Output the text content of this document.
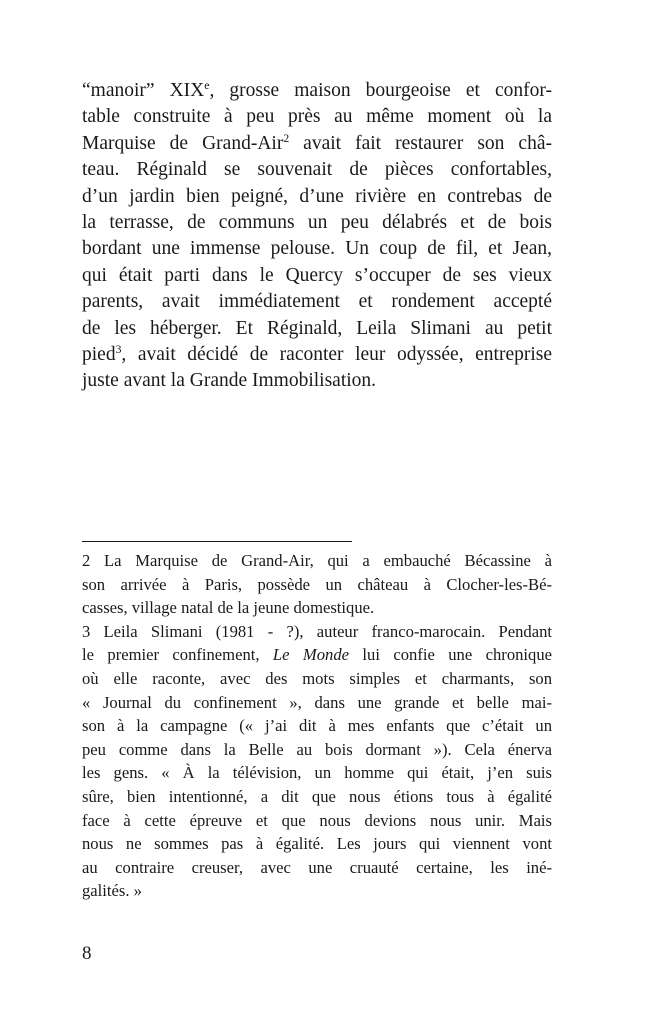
“manoir” XIXe, grosse maison bourgeoise et confor-
table construite à peu près au même moment où la
Marquise de Grand-Air$^2$ avait fait restaurer son châ-
teau. Réginald se souvenait de pièces confortables,
d’un jardin bien peigné, d’une rivière en contrebas de
la terrasse, de communs un peu délabrés et de bois
bordant une immense pelouse. Un coup de fil, et Jean,
qui était parti dans le Quercy s’occuper de ses vieux
parents, avait immédiatement et rondement accepté
de les héberger. Et Réginald, Leila Slimani au petit
pied$^3$, avait décidé de raconter leur odyssée, entreprise
juste avant la Grande Immobilisation.
2 La Marquise de Grand-Air, qui a embauché Bécassine à
son arrivée à Paris, possède un château à Clocher-les-Bé-
casses, village natal de la jeune domestique.
3 Leila Slimani (1981 - ?), auteur franco-marocain. Pendant
le premier confinement, Le Monde lui confie une chronique
où elle raconte, avec des mots simples et charmants, son
« Journal du confinement », dans une grande et belle mai-
son à la campagne (« j’ai dit à mes enfants que c’était un
peu comme dans la Belle au bois dormant »). Cela énerva
les gens. « À la télévision, un homme qui était, j’en suis
sûre, bien intentionné, a dit que nous étions tous à égalité
face à cette épreuve et que nous devions nous unir. Mais
nous ne sommes pas à égalité. Les jours qui viennent vont
au contraire creuser, avec une cruauté certaine, les iné-
galités. »
8
